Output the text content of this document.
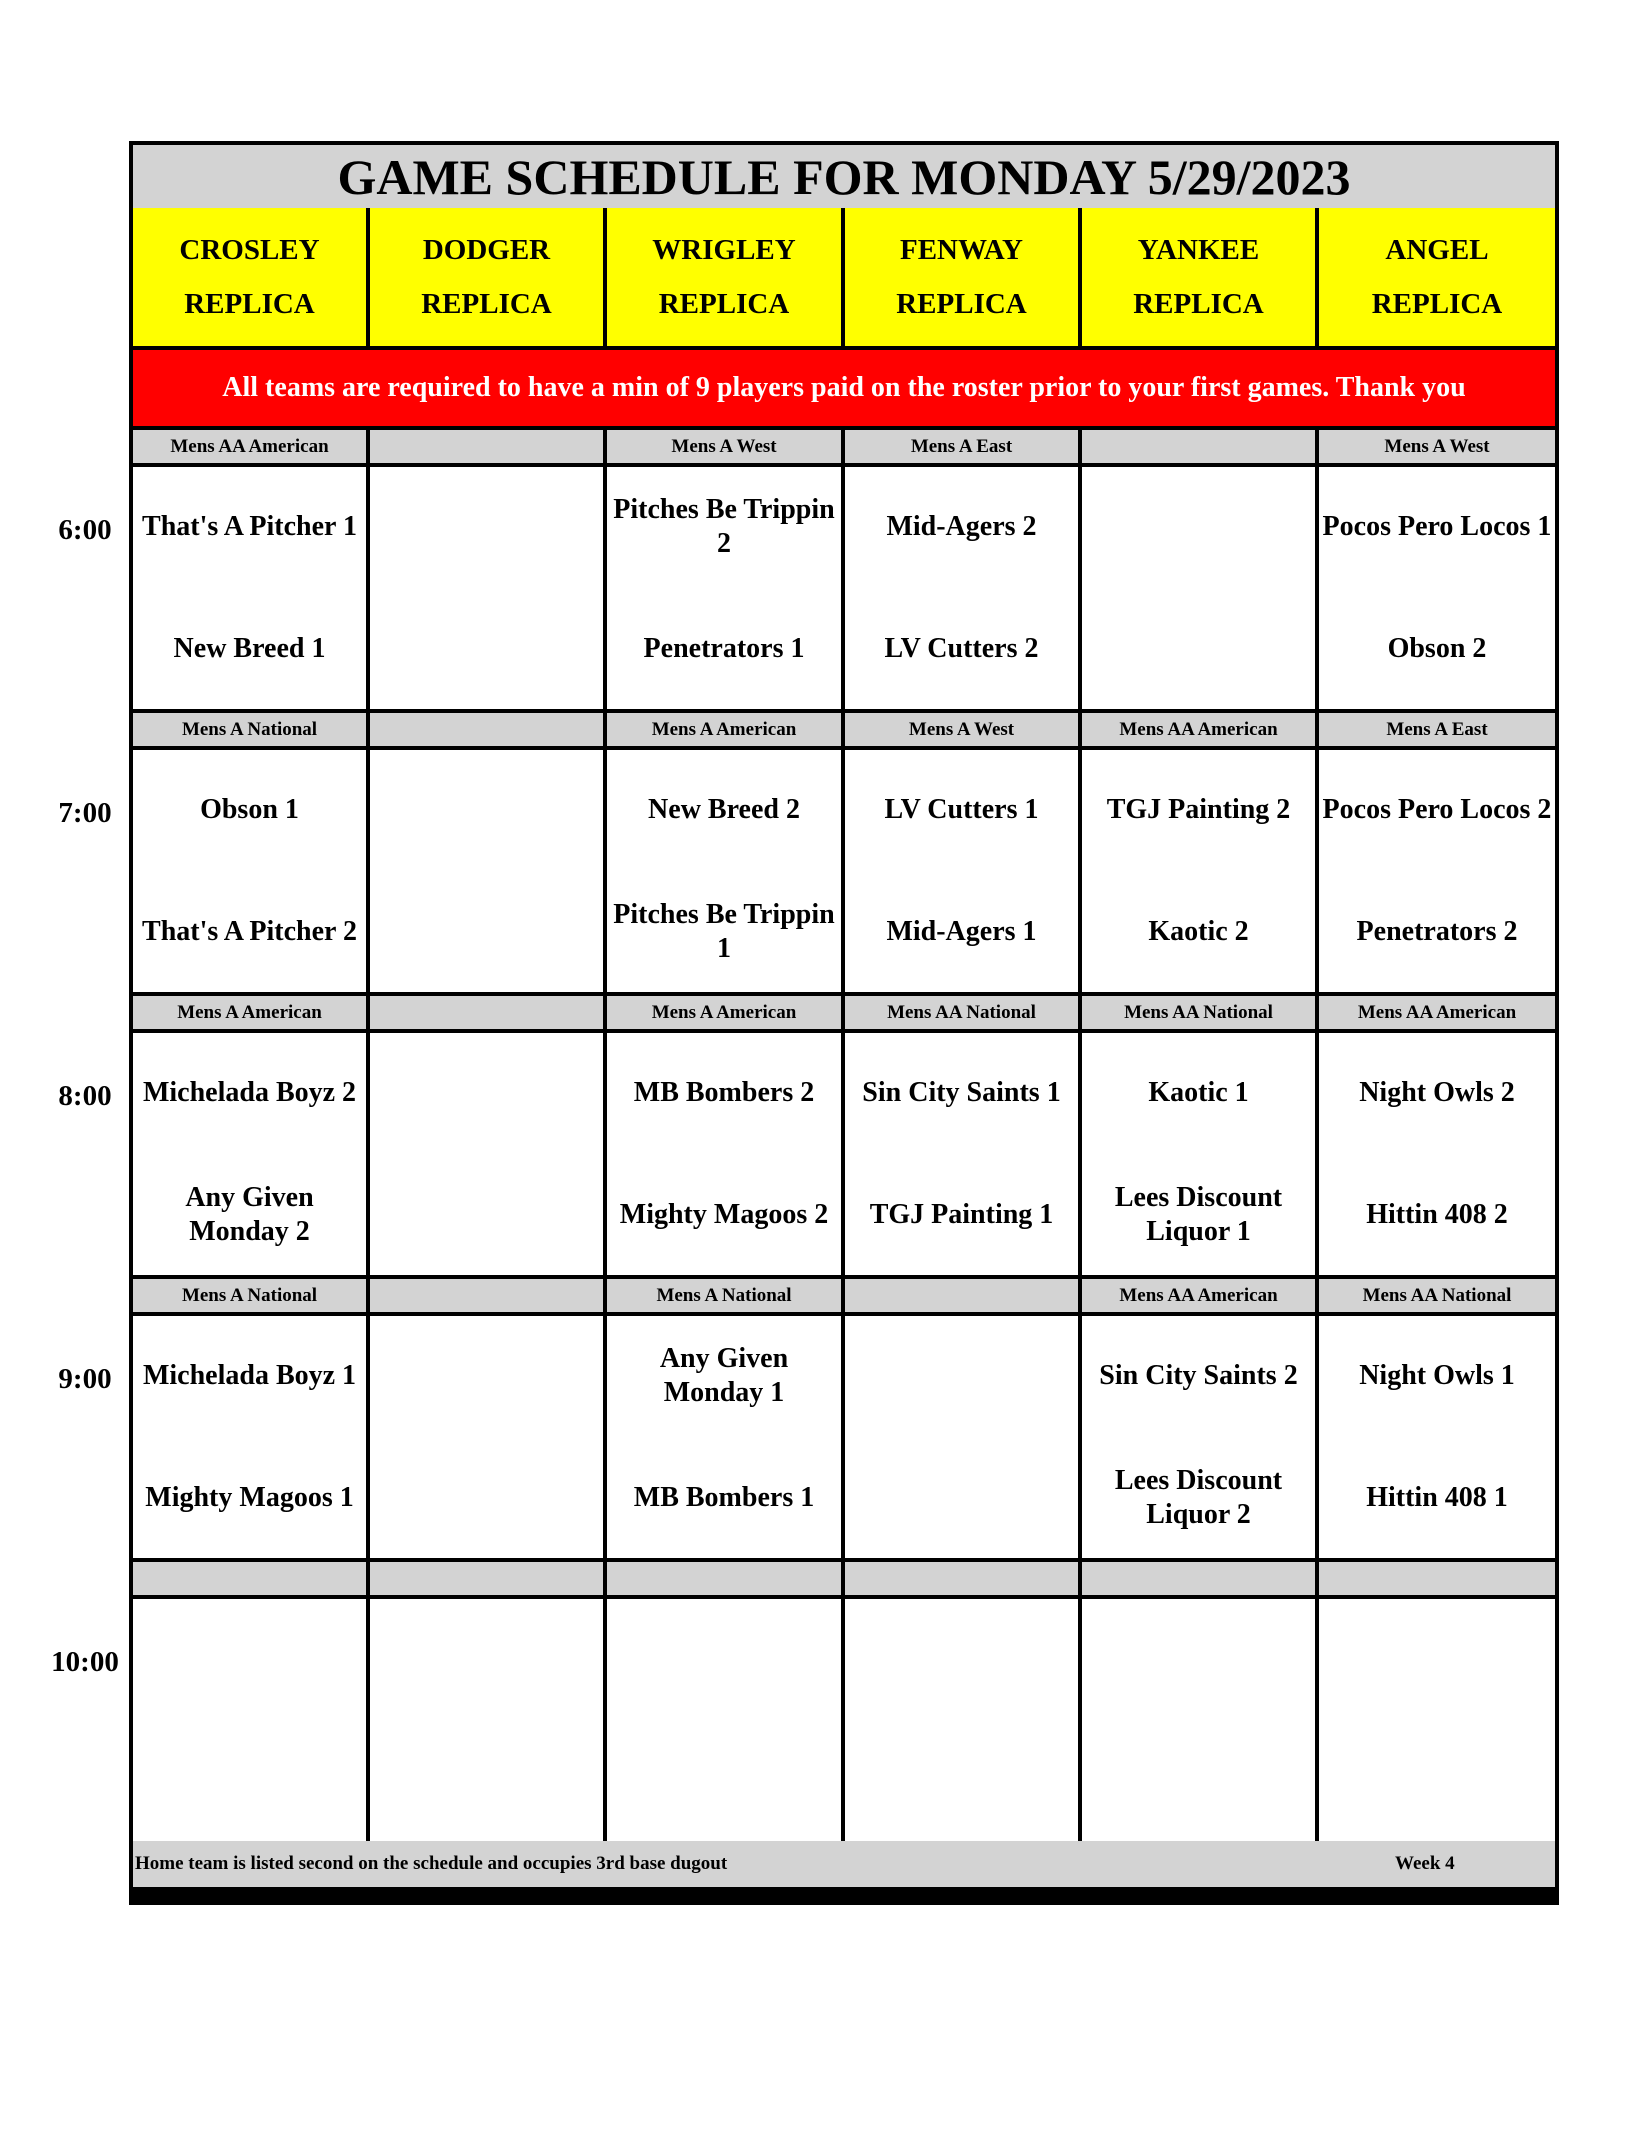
GAME SCHEDULE FOR MONDAY 5/29/2023
All teams are required to have a min of 9 players paid on the roster prior to your first games. Thank you
Home team is listed second on the schedule and occupies 3rd base dugout	Week 4
CROSLEY
REPLICA
DODGER
REPLICA
WRIGLEY
REPLICA
FENWAY
REPLICA
YANKEE
REPLICA
ANGEL
REPLICA
Mens AA American
That's A Pitcher 1
New Breed 1
Mens A West
Pitches Be Trippin 2
Penetrators 1
Mens A East
Mid-Agers 2
LV Cutters 2
Mens A West
Pocos Pero Locos 1
Obson 2
Mens A National
Obson 1
That's A Pitcher 2
Mens A American
New Breed 2
Pitches Be Trippin 1
Mens A West
LV Cutters 1
Mid-Agers 1
Mens AA American
TGJ Painting 2
Kaotic 2
Mens A East
Pocos Pero Locos 2
Penetrators 2
Mens A American
Michelada Boyz 2
Any Given Monday 2
Mens A American
MB Bombers 2
Mighty Magoos 2
Mens AA National
Sin City Saints 1
TGJ Painting 1
Mens AA National
Kaotic 1
Lees Discount Liquor 1
Mens AA American
Night Owls 2
Hittin 408 2
Mens A National
Michelada Boyz 1
Mighty Magoos 1
Mens A National
Any Given Monday 1
MB Bombers 1
Mens AA American
Sin City Saints 2
Lees Discount Liquor 2
Mens AA National
Night Owls 1
Hittin 408 1
6:00
7:00
8:00
9:00
10:00
